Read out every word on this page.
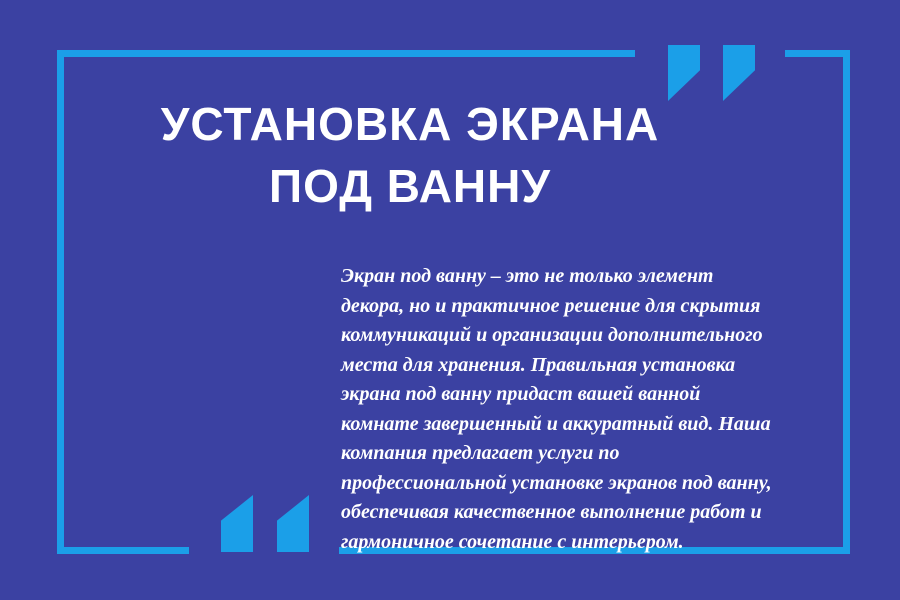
УСТАНОВКА ЭКРАНА
ПОД ВАННУ

Экран под ванну – это не только элемент
декора, но и практичное решение для скрытия
коммуникаций и организации дополнительного
места для хранения. Правильная установка
экрана под ванну придаст вашей ванной
комнате завершенный и аккуратный вид. Наша
компания предлагает услуги по
профессиональной установке экранов под ванну,
обеспечивая качественное выполнение работ и
гармоничное сочетание с интерьером.
